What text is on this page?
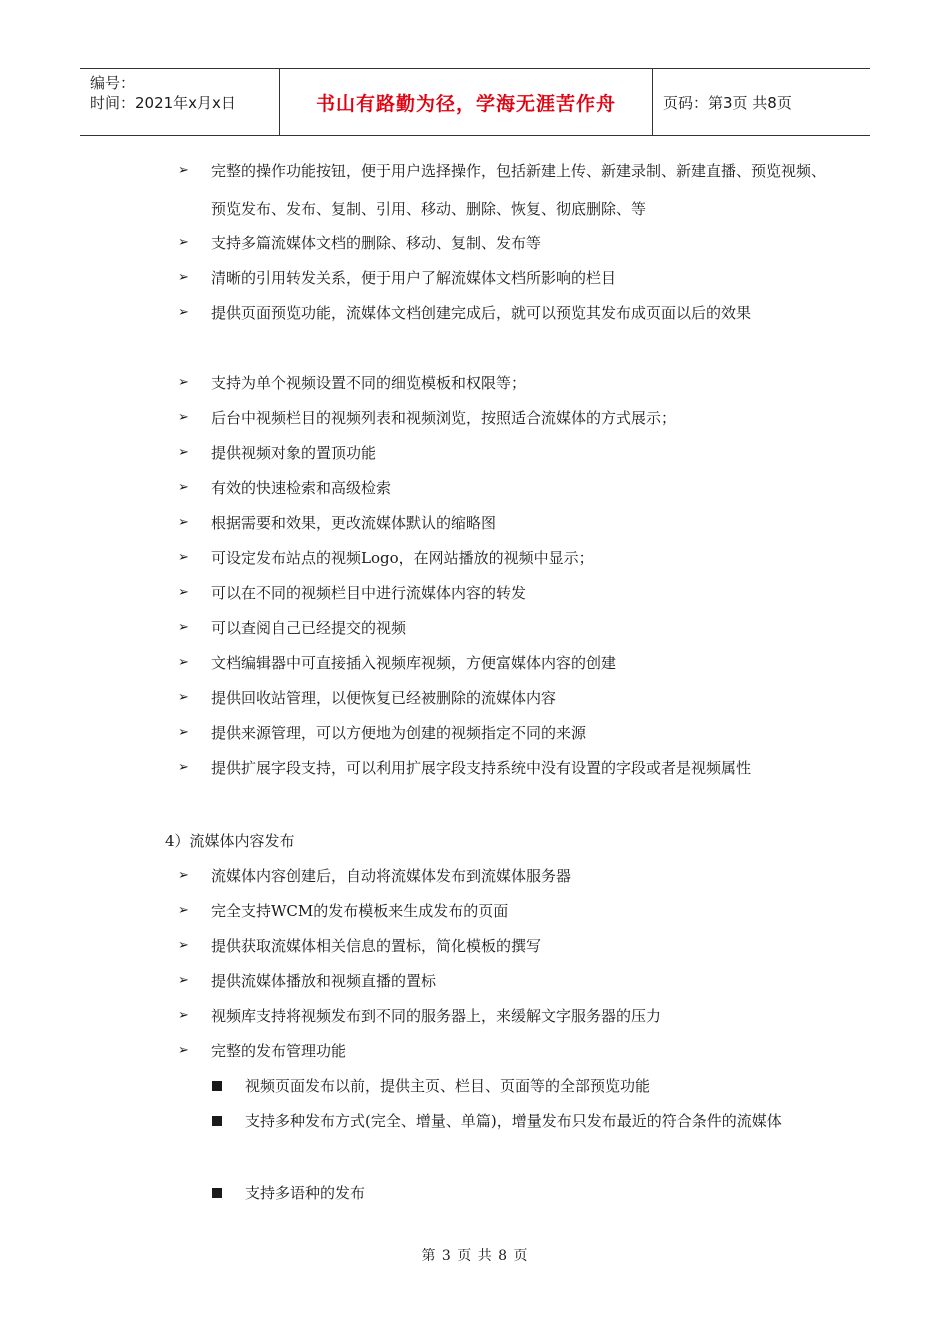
编号：
时间：2021年x月x日	书山有路勤为径，学海无涯苦作舟	页码：第3页 共8页
➢	完整的操作功能按钮，便于用户选择操作，包括新建上传、新建录制、新建直播、预览视频、预览发布、发布、复制、引用、移动、删除、恢复、彻底删除、等
➢	支持多篇流媒体文档的删除、移动、复制、发布等
➢	清晰的引用转发关系，便于用户了解流媒体文档所影响的栏目
➢	提供页面预览功能，流媒体文档创建完成后，就可以预览其发布成页面以后的效果
➢	支持为单个视频设置不同的细览模板和权限等；
➢	后台中视频栏目的视频列表和视频浏览，按照适合流媒体的方式展示；
➢	提供视频对象的置顶功能
➢	有效的快速检索和高级检索
➢	根据需要和效果，更改流媒体默认的缩略图
➢	可设定发布站点的视频Logo，在网站播放的视频中显示；
➢	可以在不同的视频栏目中进行流媒体内容的转发
➢	可以查阅自己已经提交的视频
➢	文档编辑器中可直接插入视频库视频，方便富媒体内容的创建
➢	提供回收站管理，以便恢复已经被删除的流媒体内容
➢	提供来源管理，可以方便地为创建的视频指定不同的来源
➢	提供扩展字段支持，可以利用扩展字段支持系统中没有设置的字段或者是视频属性
4）流媒体内容发布
➢	流媒体内容创建后，自动将流媒体发布到流媒体服务器
➢	完全支持WCM的发布模板来生成发布的页面
➢	提供获取流媒体相关信息的置标，简化模板的撰写
➢	提供流媒体播放和视频直播的置标
➢	视频库支持将视频发布到不同的服务器上，来缓解文字服务器的压力
➢	完整的发布管理功能
视频页面发布以前，提供主页、栏目、页面等的全部预览功能
支持多种发布方式(完全、增量、单篇)，增量发布只发布最近的符合条件的流媒体
支持多语种的发布
第 3 页 共 8 页
